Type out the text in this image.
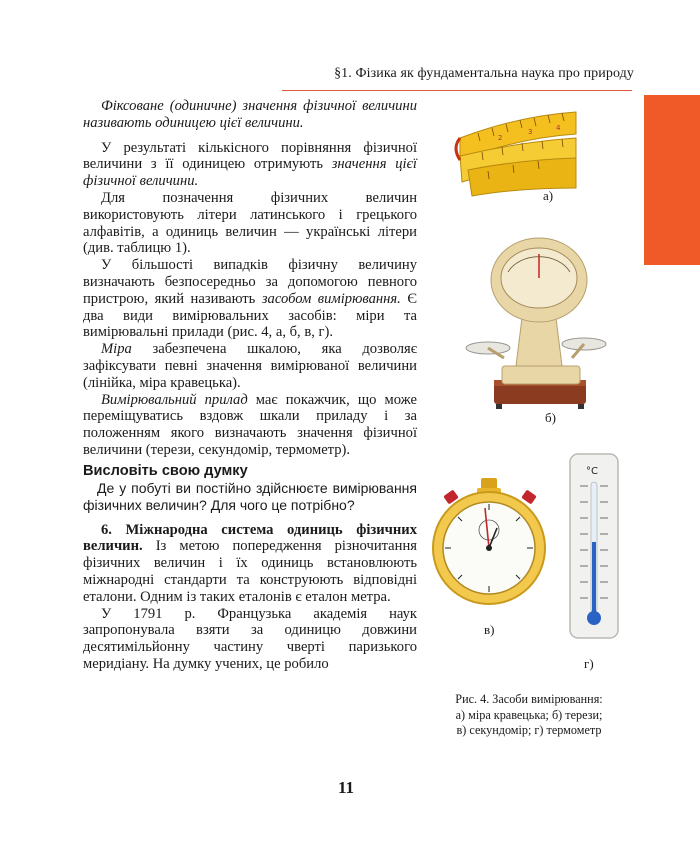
§1. Фізика як фундаментальна наука про природу

Фіксоване (одиничне) значення фізичної величини називають одиницею цієї величини.

У результаті кількісного порівняння фізичної величини з її одиницею отримують значення цієї фізичної величини.

Для позначення фізичних величин використовують літери латинського і грецького алфавітів, а одиниць величин — українські літери (див. таблицю 1).

У більшості випадків фізичну величину визначають безпосередньо за допомогою певного пристрою, який називають засобом вимірювання. Є два види вимірювальних засобів: міри та вимірювальні прилади (рис. 4, а, б, в, г).

Міра забезпечена шкалою, яка дозволяє зафіксувати певні значення вимірюваної величини (лінійка, міра кравецька).

Вимірювальний прилад має покажчик, що може переміщуватись вздовж шкали приладу і за положенням якого визначають значення фізичної величини (терези, секундомір, термометр).

Висловіть свою думку

Де у побуті ви постійно здійснюєте вимірювання фізичних величин? Для чого це потрібно?

6. Міжнародна система одиниць фізичних величин. Із метою попередження різночитання фізичних величин і їх одиниць встановлюють міжнародні стандарти та конструюють відповідні еталони. Одним із таких еталонів є еталон метра.

У 1791 р. Французька академія наук запропонувала взяти за одиницю довжини десятимільйонну частину чверті паризького меридіану. На думку учених, це робило

2
3	4
а)
б)
в)
°C
г)
Рис. 4. Засоби вимірювання:
а) міра кравецька; б) терези;
в) секундомір; г) термометр
11
